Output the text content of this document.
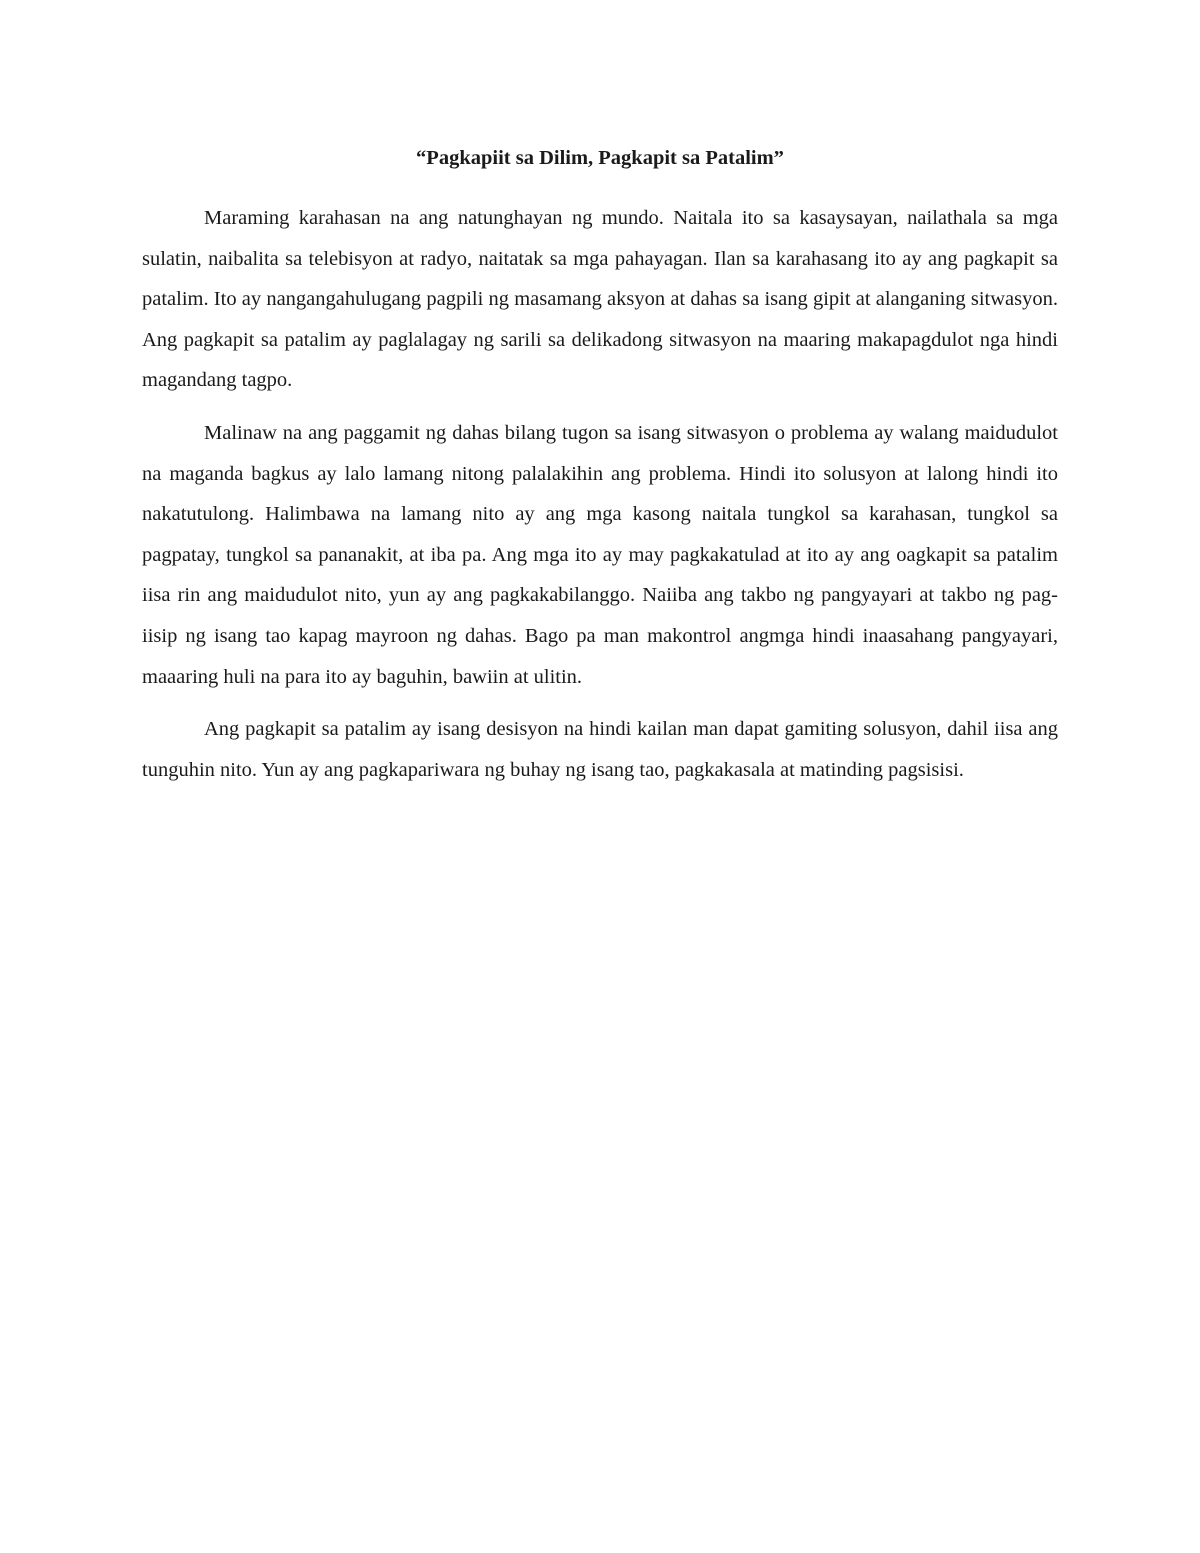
“Pagkapiit sa Dilim, Pagkapit sa Patalim”

Maraming karahasan na ang natunghayan ng mundo. Naitala ito sa kasaysayan, nailathala sa mga sulatin, naibalita sa telebisyon at radyo, naitatak sa mga pahayagan. Ilan sa karahasang ito ay ang pagkapit sa patalim. Ito ay nangangahulugang pagpili ng masamang aksyon at dahas sa isang gipit at alanganing sitwasyon. Ang pagkapit sa patalim ay paglalagay ng sarili sa delikadong sitwasyon na maaring makapagdulot nga hindi magandang tagpo.

Malinaw na ang paggamit ng dahas bilang tugon sa isang sitwasyon o problema ay walang maidudulot na maganda bagkus ay lalo lamang nitong palalakihin ang problema. Hindi ito solusyon at lalong hindi ito nakatutulong. Halimbawa na lamang nito ay ang mga kasong naitala tungkol sa karahasan, tungkol sa pagpatay, tungkol sa pananakit, at iba pa. Ang mga ito ay may pagkakatulad at ito ay ang oagkapit sa patalim iisa rin ang maidudulot nito, yun ay ang pagkakabilanggo. Naiiba ang takbo ng pangyayari at takbo ng pag-iisip ng isang tao kapag mayroon ng dahas. Bago pa man makontrol angmga hindi inaasahang pangyayari, maaaring huli na para ito ay baguhin, bawiin at ulitin.

Ang pagkapit sa patalim ay isang desisyon na hindi kailan man dapat gamiting solusyon, dahil iisa ang tunguhin nito. Yun ay ang pagkapariwara ng buhay ng isang tao, pagkakasala at matinding pagsisisi.
